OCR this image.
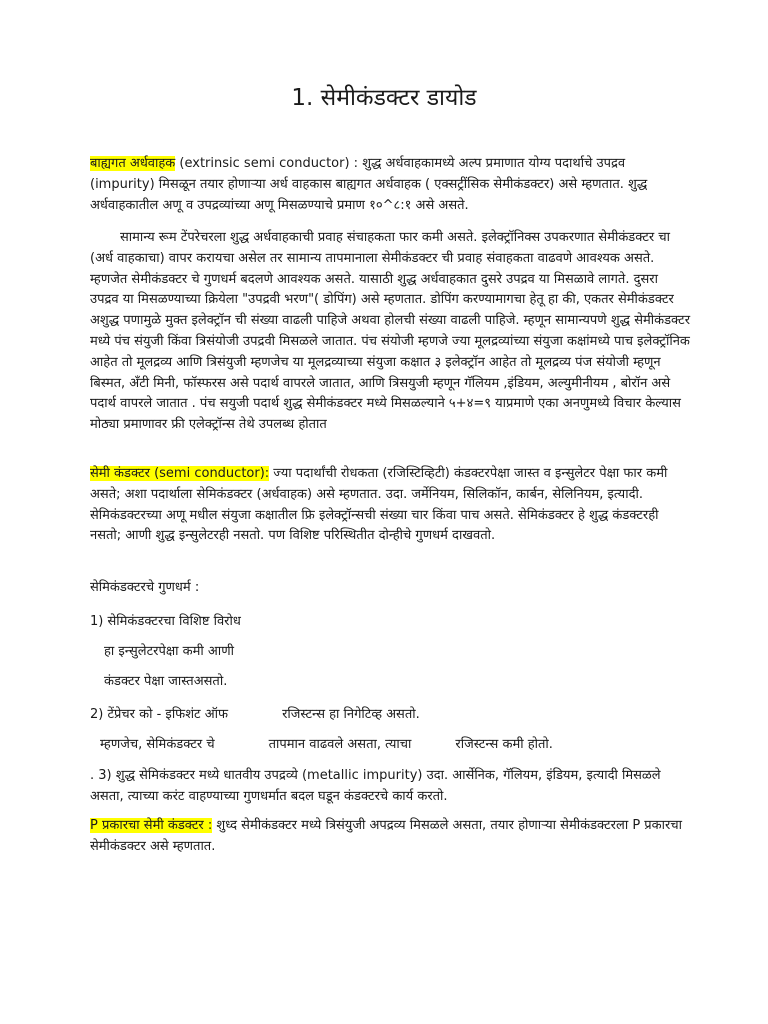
1. सेमीकंडक्टर डायोड

बाह्यगत अर्धवाहक (extrinsic semi conductor) : शुद्ध अर्धवाहकामध्ये अल्प प्रमाणात योग्य पदार्थाचे उपद्रव (impurity) मिसळून तयार होणाऱ्या अर्ध वाहकास बाह्यगत अर्धवाहक ( एक्सट्रींसिक सेमीकंडक्टर) असे म्हणतात. शुद्ध अर्धवाहकातील अणू व उपद्रव्यांच्या अणू मिसळण्याचे प्रमाण १०^८:१ असे असते.

सामान्य रूम टेंपरेचरला शुद्ध अर्धवाहकाची प्रवाह संचाहकता फार कमी असते. इलेक्ट्रॉनिक्स उपकरणात सेमीकंडक्टर चा (अर्ध वाहकाचा) वापर करायचा असेल तर सामान्य तापमानाला सेमीकंडक्टर ची प्रवाह संवाहकता वाढवणे आवश्यक असते. म्हणजेत सेमीकंडक्टर चे गुणधर्म बदलणे आवश्यक असते. यासाठी शुद्ध अर्धवाहकात दुसरे उपद्रव या मिसळावे लागते. दुसरा उपद्रव या मिसळण्याच्या क्रियेला "उपद्रवी भरण"( डोपिंग) असे म्हणतात. डोपिंग करण्यामागचा हेतू हा की, एकतर सेमीकंडक्टर अशुद्ध पणामुळे मुक्त इलेक्ट्रॉन ची संख्या वाढली पाहिजे अथवा होलची संख्या वाढली पाहिजे. म्हणून सामान्यपणे शुद्ध सेमीकंडक्टर मध्ये पंच संयुजी किंवा त्रिसंयोजी उपद्रवी मिसळले जातात. पंच संयोजी म्हणजे ज्या मूलद्रव्यांच्या संयुजा कक्षांमध्ये पाच इलेक्ट्रॉनिक आहेत तो मूलद्रव्य आणि त्रिसंयुजी म्हणजेच या मूलद्रव्याच्या संयुजा कक्षात ३ इलेक्ट्रॉन आहेत तो मूलद्रव्य पंज संयोजी म्हणून बिस्मत, ॲंटी मिनी, फॉस्फरस असे पदार्थ वापरले जातात, आणि त्रिसयुजी म्हणून गॅलियम ,इंडियम, अल्युमीनीयम , बोरॉन असे पदार्थ वापरले जातात . पंच सयुजी पदार्थ शुद्ध सेमीकंडक्टर मध्ये मिसळल्याने ५+४=९ याप्रमाणे एका अनणुमध्ये विचार केल्यास मोठ्या प्रमाणावर फ्री एलेक्ट्रॉन्स तेथे उपलब्ध होतात

सेमी कंडक्टर (semi conductor): ज्या पदार्थांची रोधकता (रजिस्टिव्हिटी) कंडक्टरपेक्षा जास्त व इन्सुलेटर पेक्षा फार कमी असते; अशा पदार्थाला सेमिकंडक्टर (अर्धवाहक) असे म्हणतात. उदा. जर्मेनियम, सिलिकॉन, कार्बन, सेलिनियम, इत्यादी. सेमिकंडक्टरच्या अणू मधील संयुजा कक्षातील फ्रि इलेक्ट्रॉन्सची संख्या चार किंवा पाच असते. सेमिकंडक्टर हे शुद्ध कंडक्टरही नसतो; आणी शुद्ध इन्सुलेटरही नसतो. पण विशिष्ट परिस्थितीत दोन्हीचे गुणधर्म दाखवतो.

सेमिकंडक्टरचे गुणधर्म :

1) सेमिकंडक्टरचा विशिष्ट विरोध

हा इन्सुलेटरपेक्षा कमी आणी

कंडक्टर पेक्षा जास्तअसतो.

2) टेंप्रेचर को - इफिशंट ऑफ	रजिस्टन्स हा निगेटिव्ह असतो.

म्हणजेच, सेमिकंडक्टर चे	तापमान वाढवले असता, त्याचा	रजिस्टन्स कमी होतो.

. 3) शुद्ध सेमिकंडक्टर मध्ये धातवीय उपद्रव्ये (metallic impurity) उदा. आर्सेनिक, गॅलियम, इंडियम, इत्यादी मिसळले असता, त्याच्या करंट वाहण्याच्या गुणधर्मात बदल घडून कंडक्टरचे कार्य करतो.

P प्रकारचा सेमी कंडक्टर : शुध्द सेमीकंडक्टर मध्ये त्रिसंयुजी अपद्रव्य मिसळले असता, तयार होणाऱ्या सेमीकंडक्टरला P प्रकारचा सेमीकंडक्टर असे म्हणतात.
